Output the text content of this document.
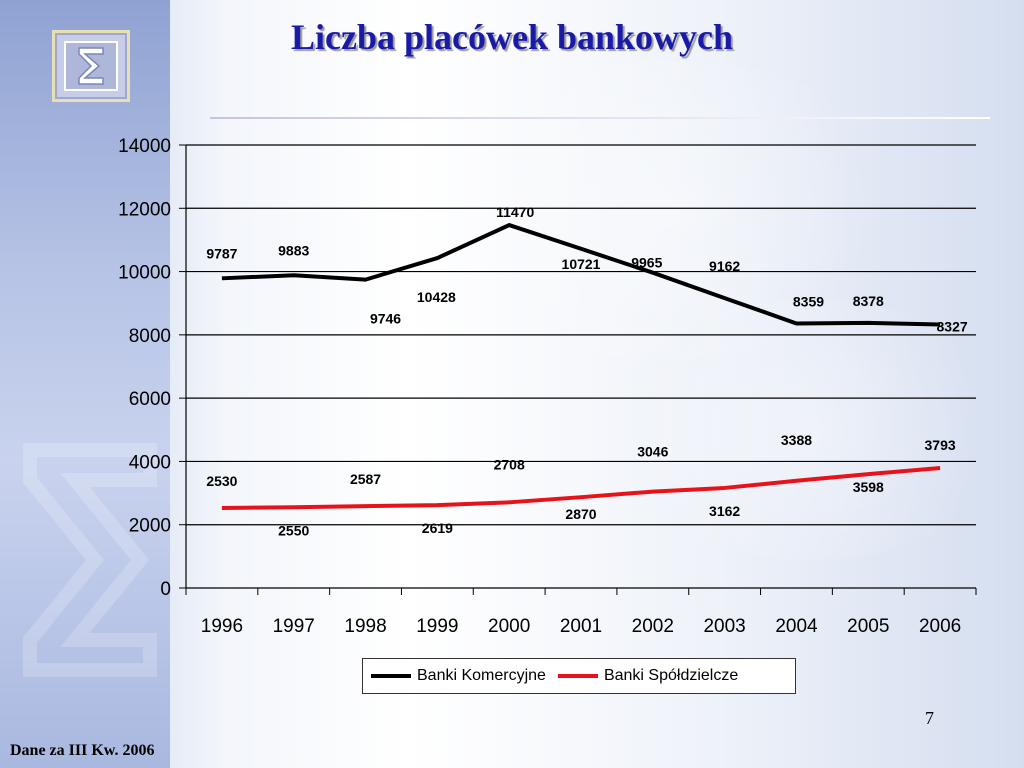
Liczba placówek bankowych
0
2000
4000
6000
8000
10000
12000
14000
1996 1997 1998 1999 2000 2001 2002 2003 2004 2005 2006
9787	9883
9746
10428
11470
10721 9965	9162
8359 8378
8327
2530
2550
2587
2619
2708
2870
3046
3162
3388
3598
3793
Banki Komercyjne	Banki Spółdzielcze
7
Dane za III Kw. 2006
